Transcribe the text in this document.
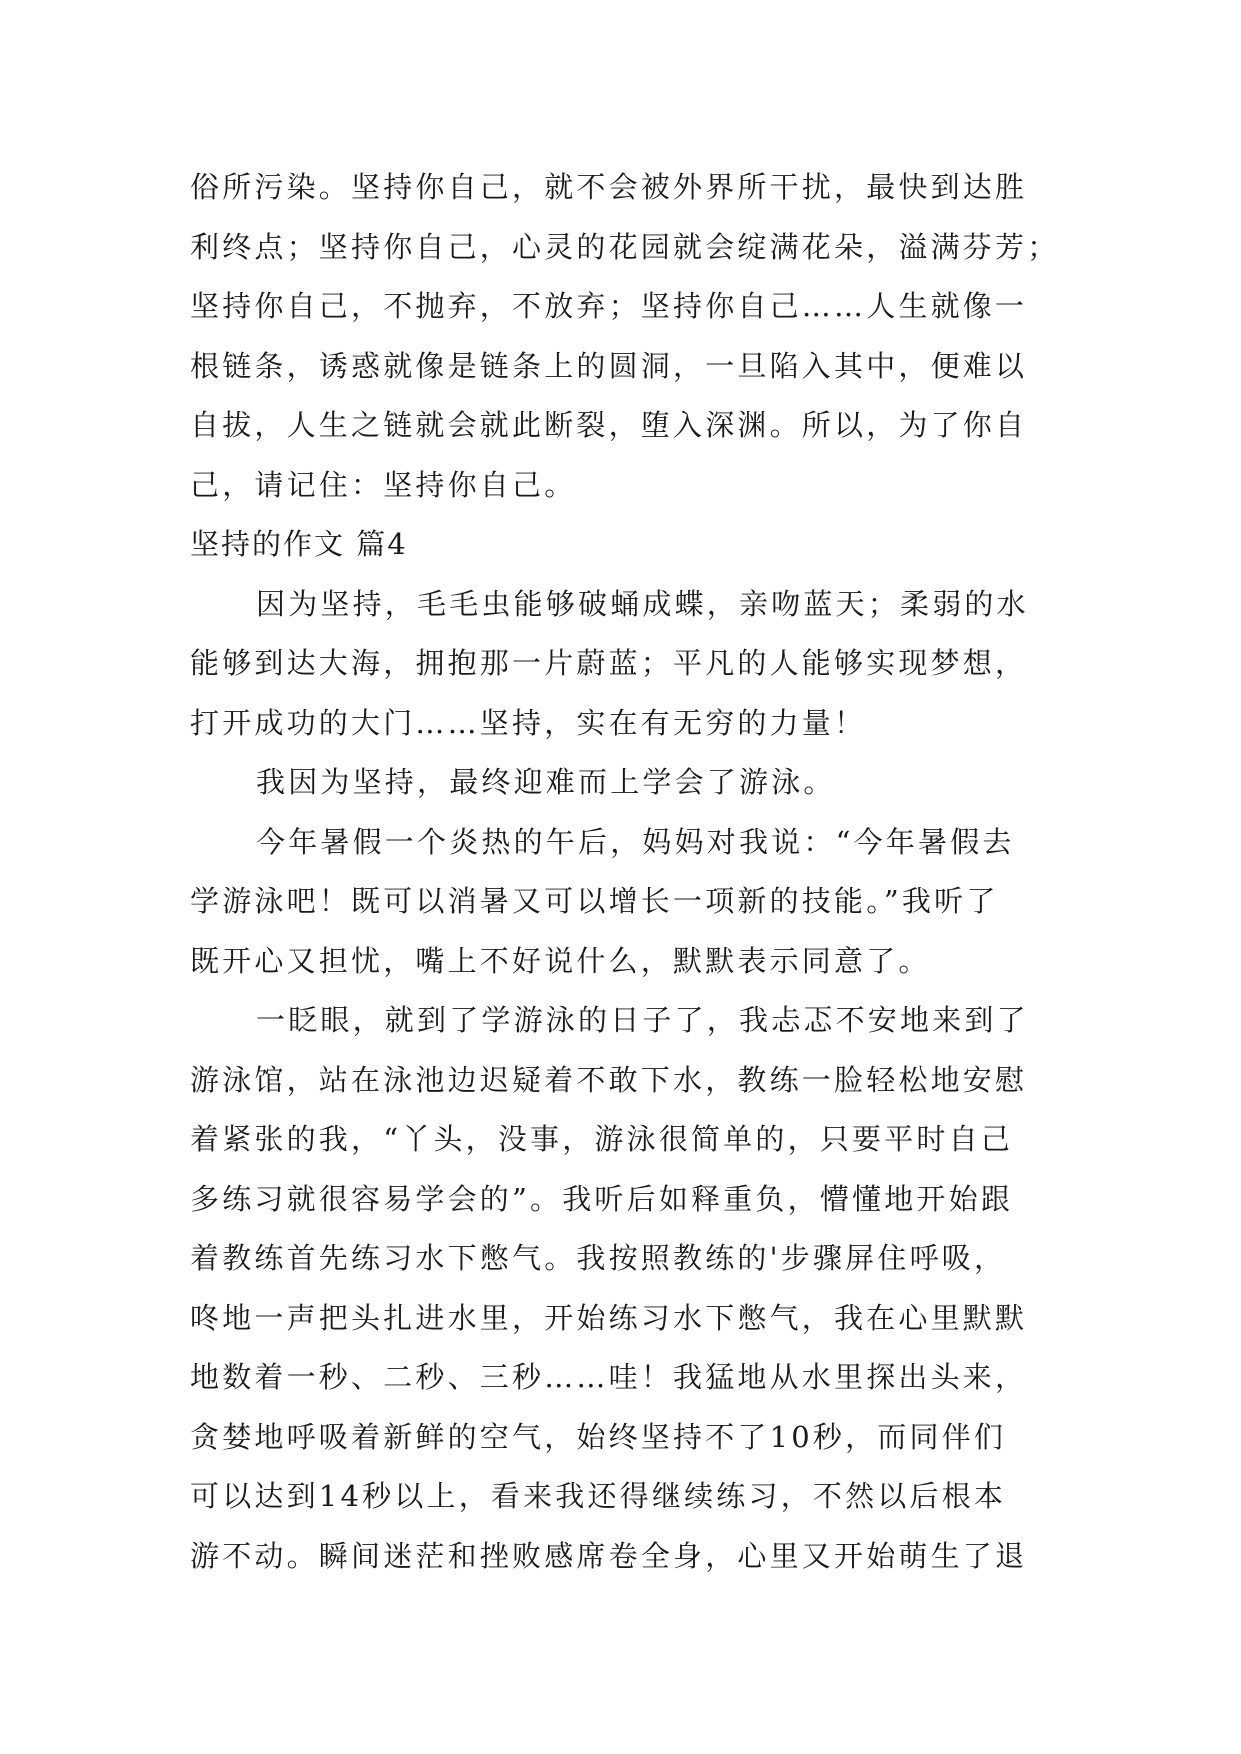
俗所污染。坚持你自己，就不会被外界所干扰，最快到达胜
利终点；坚持你自己，心灵的花园就会绽满花朵，溢满芬芳；
坚持你自己，不抛弃，不放弃；坚持你自己……人生就像一
根链条，诱惑就像是链条上的圆洞，一旦陷入其中，便难以
自拔，人生之链就会就此断裂，堕入深渊。所以，为了你自
己，请记住：坚持你自己。
坚持的作文 篇4
因为坚持，毛毛虫能够破蛹成蝶，亲吻蓝天；柔弱的水
能够到达大海，拥抱那一片蔚蓝；平凡的人能够实现梦想，
打开成功的大门……坚持，实在有无穷的力量！
我因为坚持，最终迎难而上学会了游泳。
今年暑假一个炎热的午后，妈妈对我说：“今年暑假去
学游泳吧！既可以消暑又可以增长一项新的技能。”我听了
既开心又担忧，嘴上不好说什么，默默表示同意了。
一眨眼，就到了学游泳的日子了，我忐忑不安地来到了
游泳馆，站在泳池边迟疑着不敢下水，教练一脸轻松地安慰
着紧张的我，“丫头，没事，游泳很简单的，只要平时自己
多练习就很容易学会的”。我听后如释重负，懵懂地开始跟
着教练首先练习水下憋气。我按照教练的'步骤屏住呼吸，
咚地一声把头扎进水里，开始练习水下憋气，我在心里默默
地数着一秒、二秒、三秒……哇！我猛地从水里探出头来，
贪婪地呼吸着新鲜的空气，始终坚持不了10秒，而同伴们
可以达到14秒以上，看来我还得继续练习，不然以后根本
游不动。瞬间迷茫和挫败感席卷全身，心里又开始萌生了退
